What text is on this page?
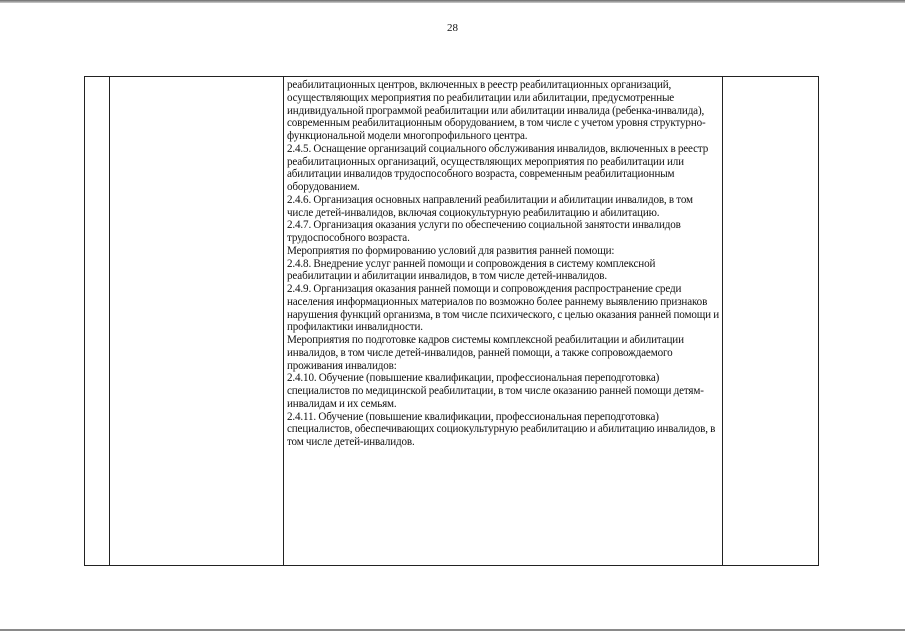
28

реабилитационных центров, включенных в реестр реабилитационных организаций, осуществляющих мероприятия по реабилитации или абилитации, предусмотренные индивидуальной программой реабилитации или абилитации инвалида (ребенка-инвалида), современным реабилитационным оборудованием, в том числе с учетом уровня структурно-функциональной модели многопрофильного центра.
2.4.5. Оснащение организаций социального обслуживания инвалидов, включенных в реестр реабилитационных организаций, осуществляющих мероприятия по реабилитации или абилитации инвалидов трудоспособного возраста, современным реабилитационным оборудованием.
2.4.6. Организация основных направлений реабилитации и абилитации инвалидов, в том числе детей-инвалидов, включая социокультурную реабилитацию и абилитацию.
2.4.7. Организация оказания услуги по обеспечению социальной занятости инвалидов трудоспособного возраста.
Мероприятия по формированию условий для развития ранней помощи:
2.4.8. Внедрение услуг ранней помощи и сопровождения в систему комплексной реабилитации и абилитации инвалидов, в том числе детей-инвалидов.
2.4.9. Организация оказания ранней помощи и сопровождения распространение среди населения информационных материалов по возможно более раннему выявлению признаков нарушения функций организма, в том числе психического, с целью оказания ранней помощи и профилактики инвалидности.
Мероприятия по подготовке кадров системы комплексной реабилитации и абилитации инвалидов, в том числе детей-инвалидов, ранней помощи, а также сопровождаемого проживания инвалидов:
2.4.10. Обучение (повышение квалификации, профессиональная переподготовка) специалистов по медицинской реабилитации, в том числе оказанию ранней помощи детям-инвалидам и их семьям.
2.4.11. Обучение (повышение квалификации, профессиональная переподготовка) специалистов, обеспечивающих социокультурную реабилитацию и абилитацию инвалидов, в том числе детей-инвалидов.
